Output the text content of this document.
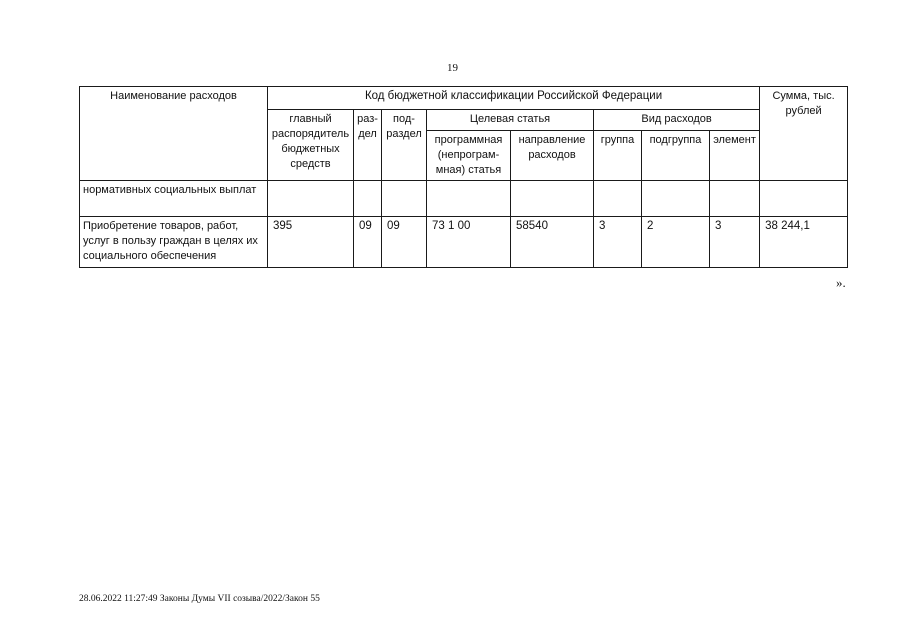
19
Наименование расходов	Код бюджетной классификации Российской Федерации								Сумма, тыс. рублей
	главный распорядитель бюджетных средств	раз-дел	под-раздел	Целевая статья		Вид расходов			
				программная (непрограм-мная) статья	направление расходов	группа	подгруппа	элемент	
нормативных социальных выплат									
Приобретение товаров, работ, услуг в пользу граждан в целях их социального обеспечения	395	09	09	73 1 00	58540	3	2	3	38 244,1
».
28.06.2022 11:27:49 Законы Думы VII созыва/2022/Закон 55
